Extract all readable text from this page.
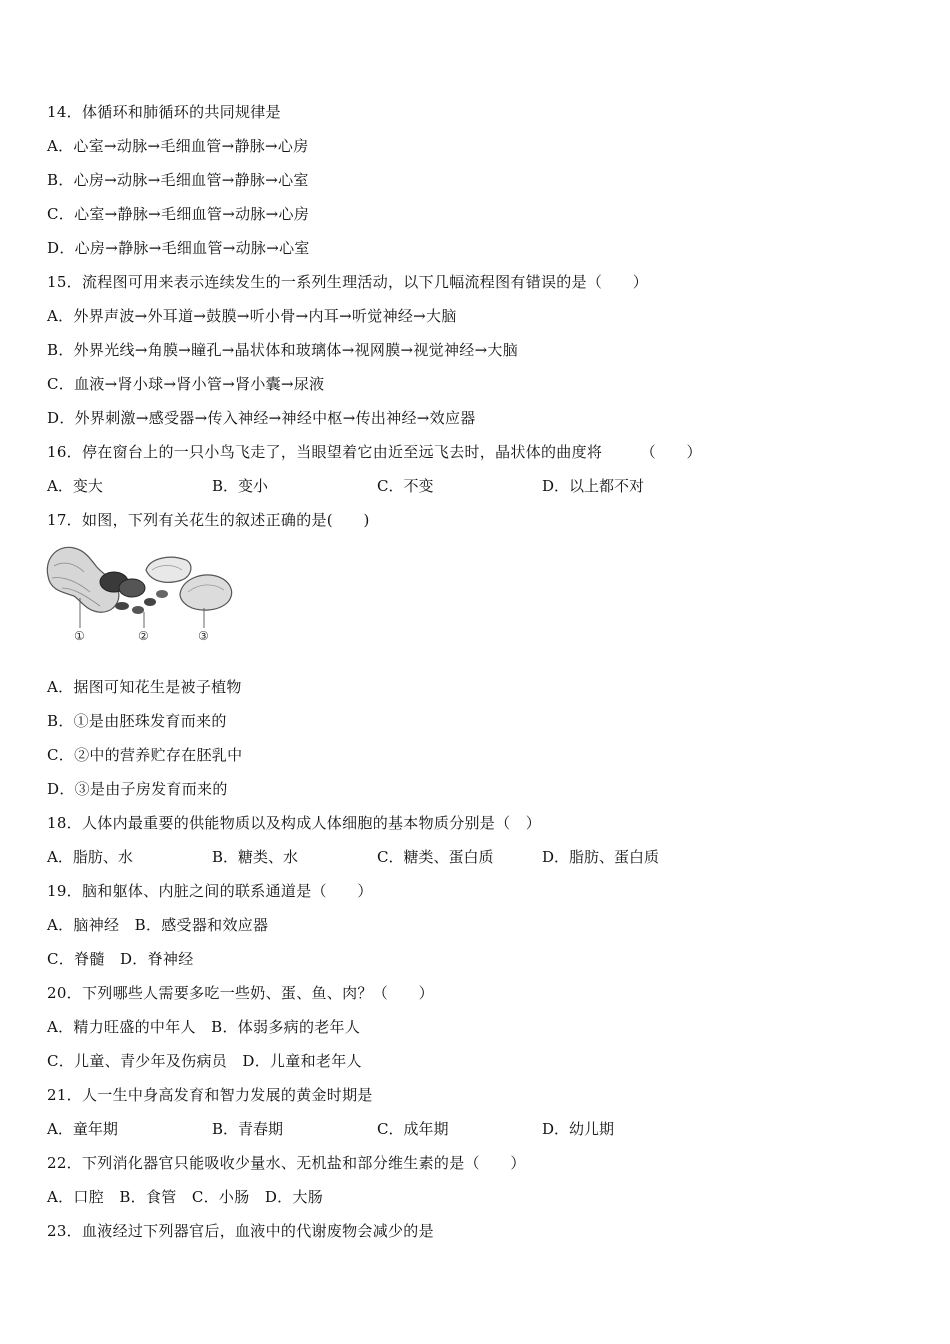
14．体循环和肺循环的共同规律是
A．心室→动脉→毛细血管→静脉→心房
B．心房→动脉→毛细血管→静脉→心室
C．心室→静脉→毛细血管→动脉→心房
D．心房→静脉→毛细血管→动脉→心室
15．流程图可用来表示连续发生的一系列生理活动，以下几幅流程图有错误的是（　　）
A．外界声波→外耳道→鼓膜→听小骨→内耳→听觉神经→大脑
B．外界光线→角膜→瞳孔→晶状体和玻璃体→视网膜→视觉神经→大脑
C．血液→肾小球→肾小管→肾小囊→尿液
D．外界刺激→感受器→传入神经→神经中枢→传出神经→效应器
16．停在窗台上的一只小鸟飞走了，当眼望着它由近至远飞去时，晶状体的曲度将　　　（　　）

A．变大

	B．变小

	C．不变

	D．以上都不对

17．如图，下列有关花生的叙述正确的是(　　)
①	②	③
A．据图可知花生是被子植物
B．①是由胚珠发育而来的
C．②中的营养贮存在胚乳中
D．③是由子房发育而来的
18．人体内最重要的供能物质以及构成人体细胞的基本物质分别是（　）

A．脂肪、水

	B．糖类、水

	C．糖类、蛋白质

	D．脂肪、蛋白质

19．脑和躯体、内脏之间的联系通道是（　　）
A．脑神经　B．感受器和效应器
C．脊髓　D．脊神经
20．下列哪些人需要多吃一些奶、蛋、鱼、肉？（　　）
A．精力旺盛的中年人　B．体弱多病的老年人
C．儿童、青少年及伤病员　D．儿童和老年人
21．人一生中身高发育和智力发展的黄金时期是

A．童年期

	B．青春期

	C．成年期

	D．幼儿期

22．下列消化器官只能吸收少量水、无机盐和部分维生素的是（　　）
A．口腔　B．食管　C．小肠　D．大肠
23．血液经过下列器官后，血液中的代谢废物会减少的是
